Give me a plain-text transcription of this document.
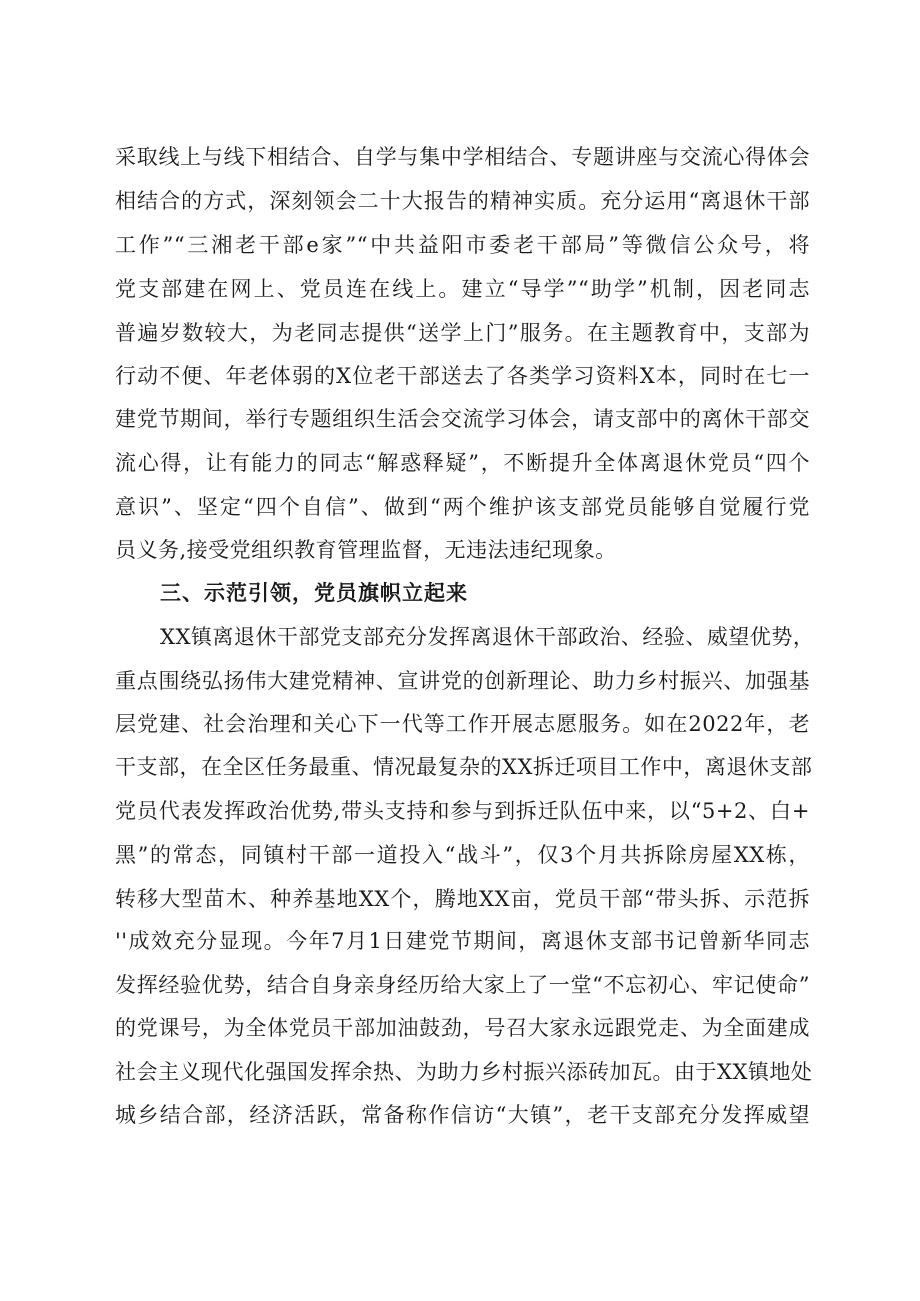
采取线上与线下相结合、自学与集中学相结合、专题讲座与交流心得体会
相结合的方式，深刻领会二十大报告的精神实质。充分运用“离退休干部
工作”“三湘老干部e家”“中共益阳市委老干部局”等微信公众号，将
党支部建在网上、党员连在线上。建立“导学”“助学”机制，因老同志
普遍岁数较大，为老同志提供“送学上门”服务。在主题教育中，支部为
行动不便、年老体弱的X位老干部送去了各类学习资料X本，同时在七一
建党节期间，举行专题组织生活会交流学习体会，请支部中的离休干部交
流心得，让有能力的同志“解惑释疑”，不断提升全体离退休党员“四个
意识”、坚定“四个自信”、做到“两个维护该支部党员能够自觉履行党
员义务,接受党组织教育管理监督，无违法违纪现象。
三、示范引领，党员旗帜立起来
XX镇离退休干部党支部充分发挥离退休干部政治、经验、威望优势，
重点围绕弘扬伟大建党精神、宣讲党的创新理论、助力乡村振兴、加强基
层党建、社会治理和关心下一代等工作开展志愿服务。如在2022年，老
干支部，在全区任务最重、情况最复杂的XX拆迁项目工作中，离退休支部
党员代表发挥政治优势,带头支持和参与到拆迁队伍中来，以“5+2、白+
黑”的常态，同镇村干部一道投入“战斗”，仅3个月共拆除房屋XX栋，
转移大型苗木、种养基地XX个，腾地XX亩，党员干部“带头拆、示范拆
''成效充分显现。今年7月1日建党节期间，离退休支部书记曾新华同志
发挥经验优势，结合自身亲身经历给大家上了一堂“不忘初心、牢记使命”
的党课号，为全体党员干部加油鼓劲，号召大家永远跟党走、为全面建成
社会主义现代化强国发挥余热、为助力乡村振兴添砖加瓦。由于XX镇地处
城乡结合部，经济活跃，常备称作信访“大镇”，老干支部充分发挥威望
